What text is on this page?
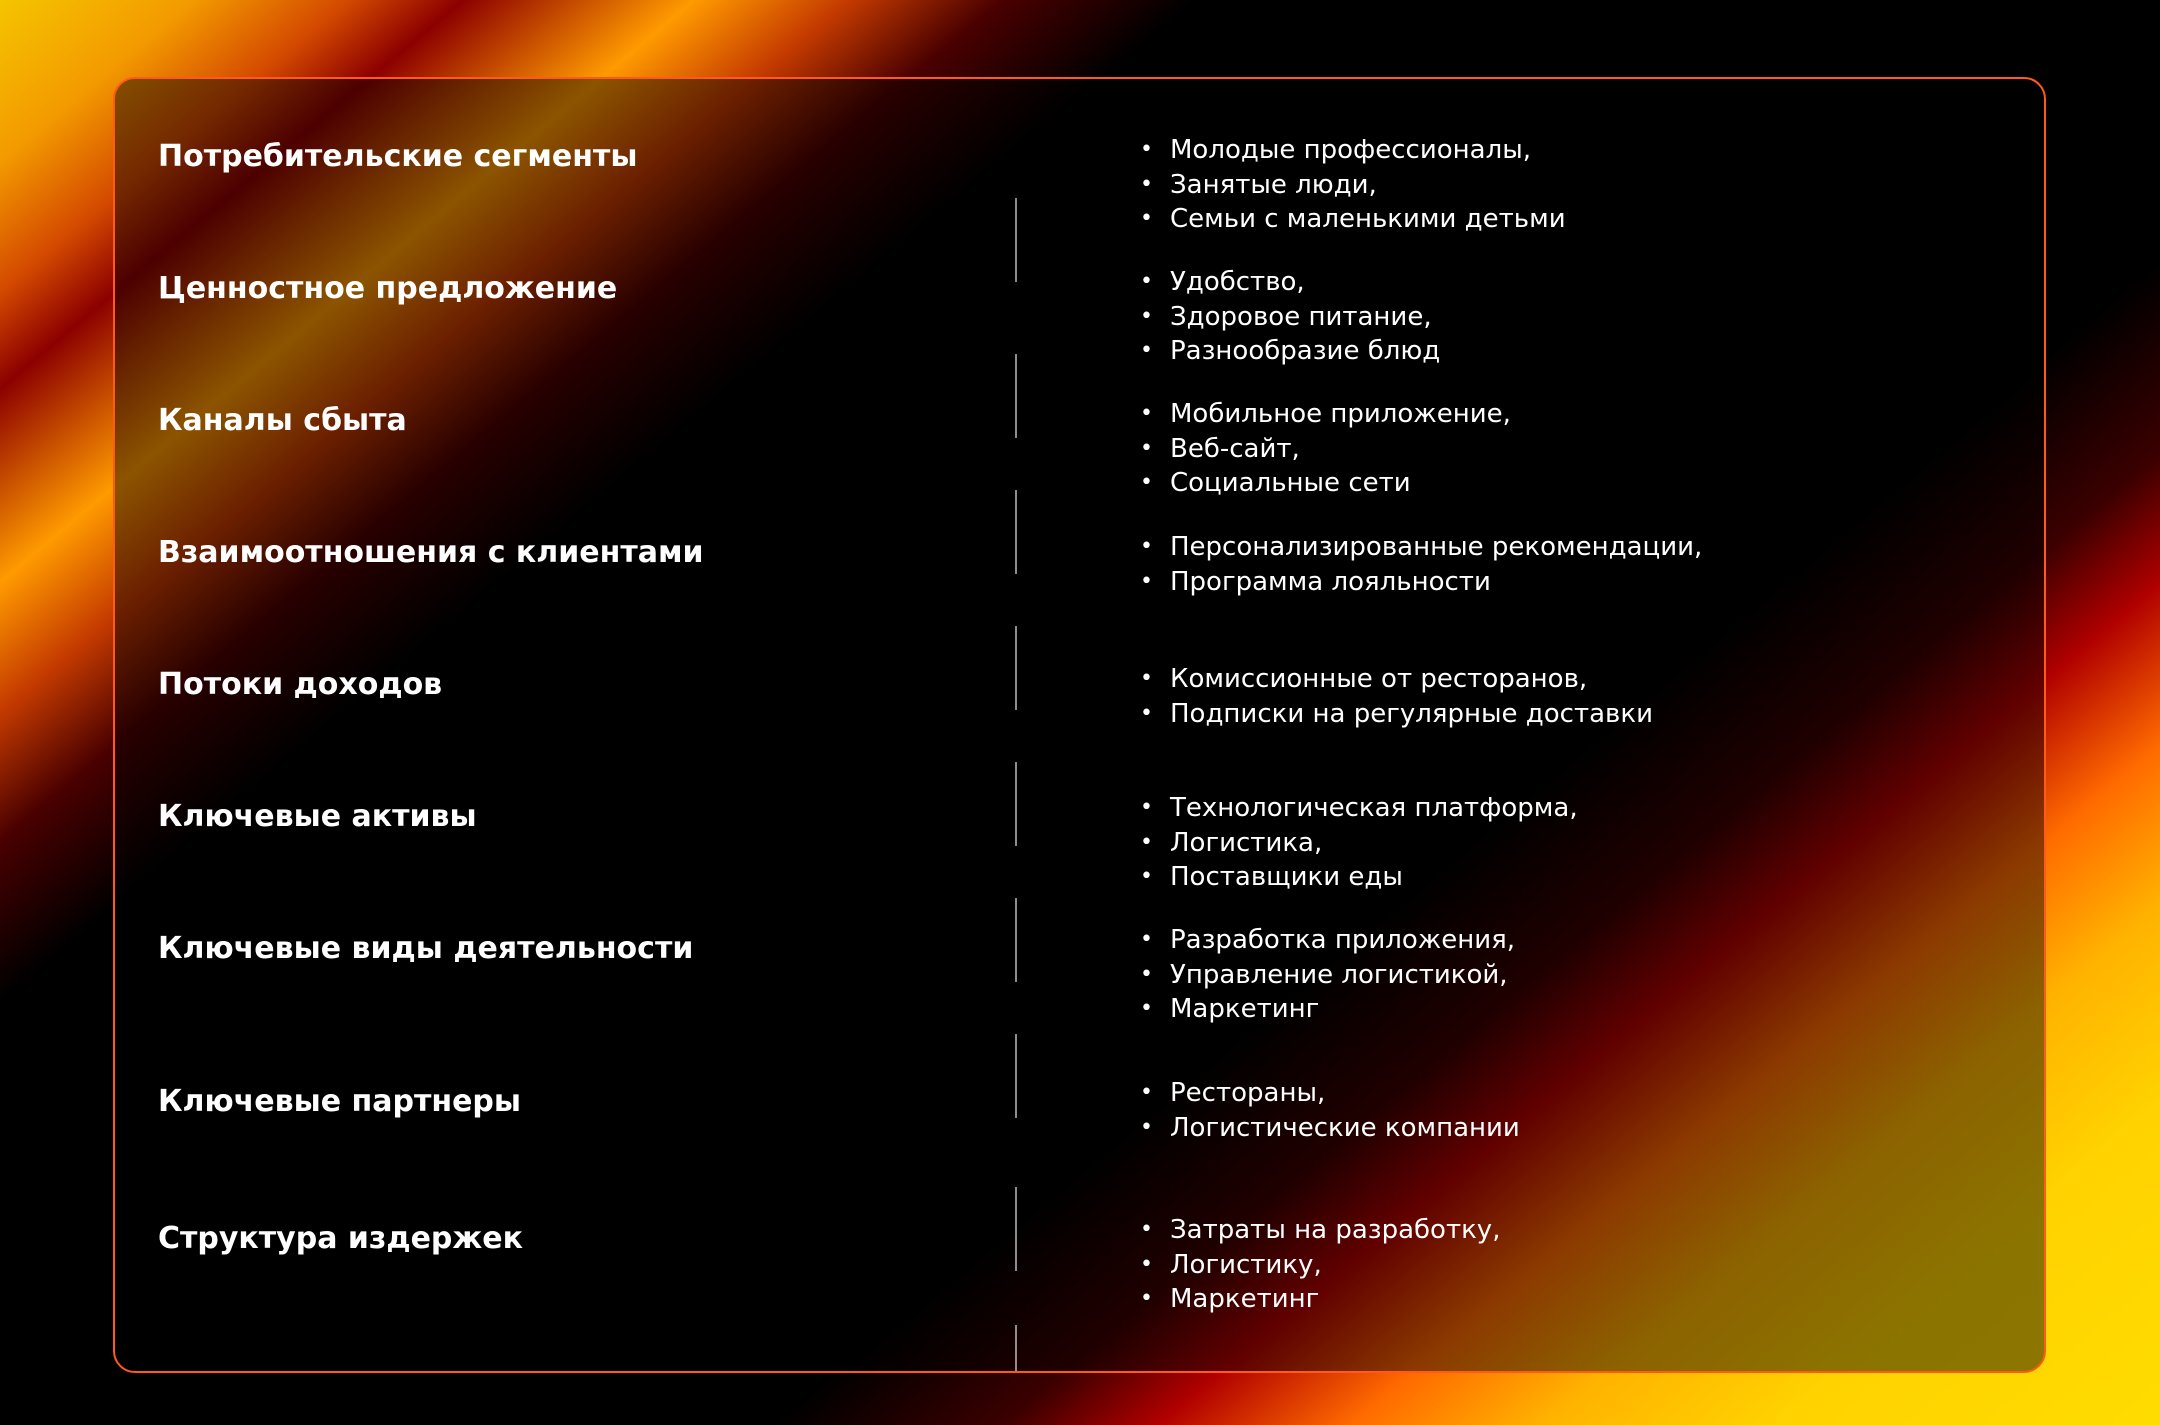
Потребительские сегменты	• Молодые профессионалы,
• Занятые люди,
• Семьи с маленькими детьми
Ценностное предложение	• Удобство,
• Здоровое питание,
• Разнообразие блюд
Каналы сбыта	• Мобильное приложение,
• Веб-сайт,
• Социальные сети
Взаимоотношения с клиентами	• Персонализированные рекомендации,
• Программа лояльности
Потоки доходов	• Комиссионные от ресторанов,
• Подписки на регулярные доставки
Ключевые активы	• Технологическая платформа,
• Логистика,
• Поставщики еды
Ключевые виды деятельности	• Разработка приложения,
• Управление логистикой,
• Маркетинг
Ключевые партнеры	• Рестораны,
• Логистические компании
Структура издержек	• Затраты на разработку,
• Логистику,
• Маркетинг
